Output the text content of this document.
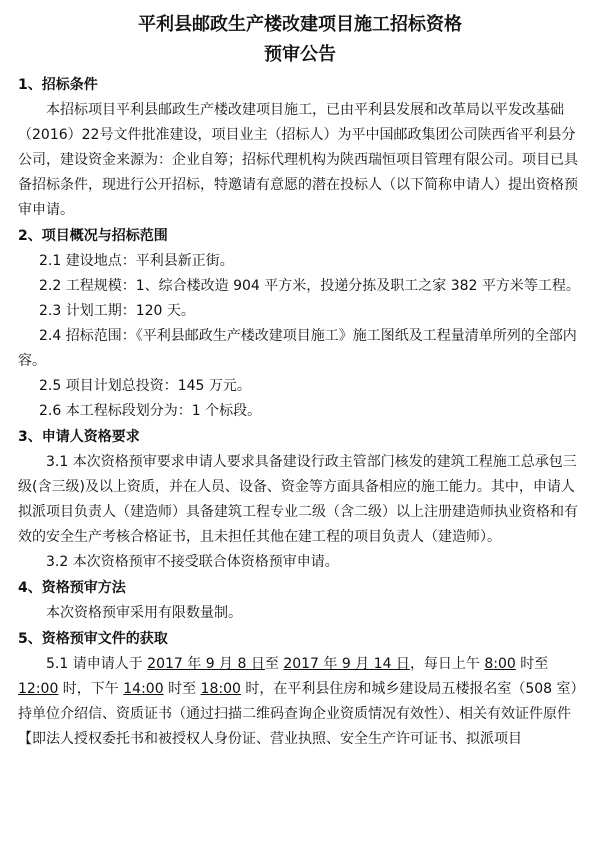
平利县邮政生产楼改建项目施工招标资格
预审公告
1、招标条件

本招标项目平利县邮政生产楼改建项目施工，已由平利县发展和改革局以平发改基础（2016）22号文件批准建设，项目业主（招标人）为平中国邮政集团公司陕西省平利县分公司，建设资金来源为：企业自筹；招标代理机构为陕西瑞恒项目管理有限公司。项目已具备招标条件，现进行公开招标，特邀请有意愿的潜在投标人（以下简称申请人）提出资格预审申请。

2、项目概况与招标范围

2.1 建设地点：平利县新正街。

2.2 工程规模：1、综合楼改造 904 平方米，投递分拣及职工之家 382 平方米等工程。

2.3 计划工期：120 天。

2.4 招标范围：《平利县邮政生产楼改建项目施工》施工图纸及工程量清单所列的全部内容。

2.5 项目计划总投资：145 万元。

2.6 本工程标段划分为：1 个标段。

3、申请人资格要求

3.1 本次资格预审要求申请人要求具备建设行政主管部门核发的建筑工程施工总承包三级(含三级)及以上资质，并在人员、设备、资金等方面具备相应的施工能力。其中，申请人拟派项目负责人（建造师）具备建筑工程专业二级（含二级）以上注册建造师执业资格和有效的安全生产考核合格证书，且未担任其他在建工程的项目负责人（建造师）。

3.2 本次资格预审不接受联合体资格预审申请。

4、资格预审方法

本次资格预审采用有限数量制。

5、资格预审文件的获取

5.1 请申请人于 2017 年 9 月 8 日至 2017 年 9 月 14 日，每日上午 8:00 时至 12:00 时，下午 14:00 时至 18:00 时，在平利县住房和城乡建设局五楼报名室（508 室）持单位介绍信、资质证书（通过扫描二维码查询企业资质情况有效性）、相关有效证件原件【即法人授权委托书和被授权人身份证、营业执照、安全生产许可证书、拟派项目
